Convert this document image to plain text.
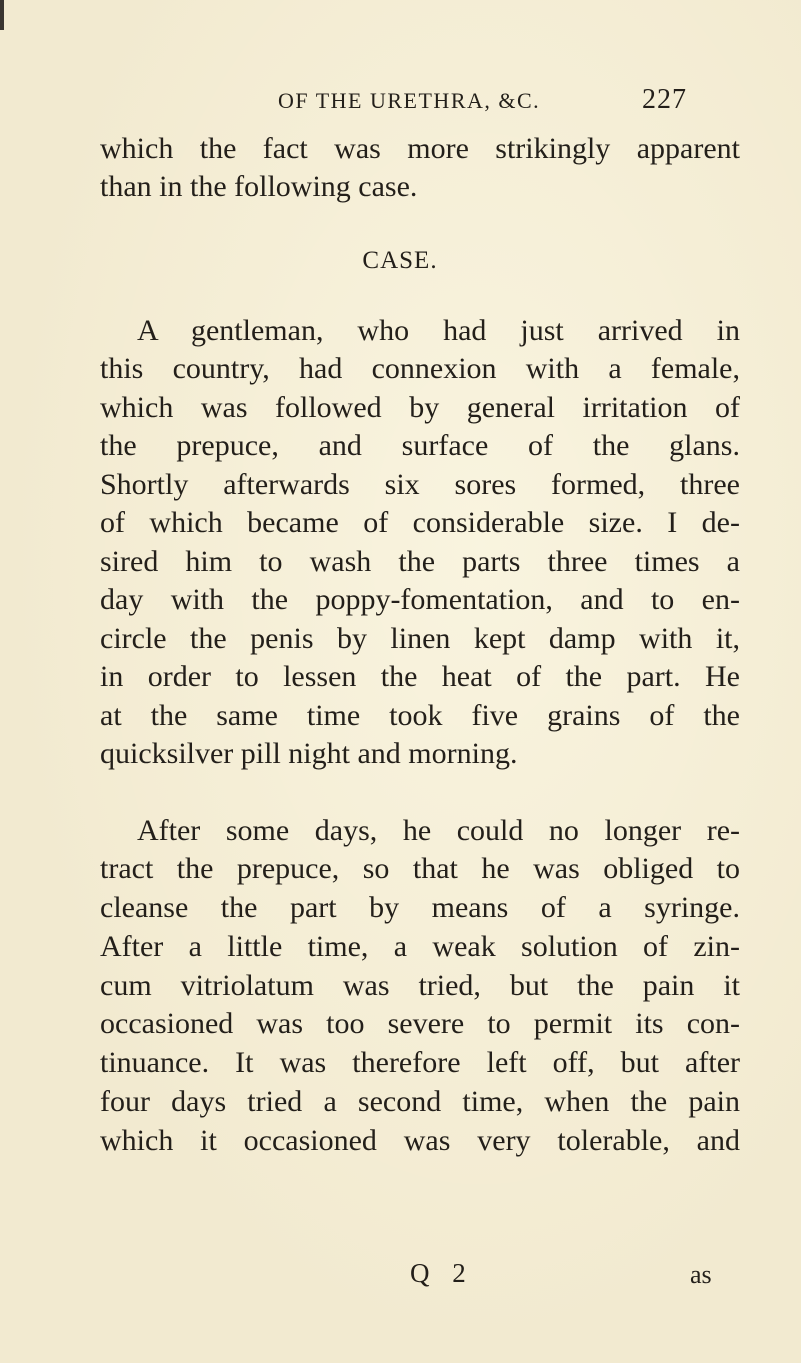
OF THE URETHRA, &C.	227
which the fact was more strikingly apparent
than in the following case.
CASE.
A gentleman, who had just arrived in
this country, had connexion with a female,
which was followed by general irritation of
the prepuce, and surface of the glans.
Shortly afterwards six sores formed, three
of which became of considerable size. I de-
sired him to wash the parts three times a
day with the poppy-fomentation, and to en-
circle the penis by linen kept damp with it,
in order to lessen the heat of the part. He
at the same time took five grains of the
quicksilver pill night and morning.
After some days, he could no longer re-
tract the prepuce, so that he was obliged to
cleanse the part by means of a syringe.
After a little time, a weak solution of zin-
cum vitriolatum was tried, but the pain it
occasioned was too severe to permit its con-
tinuance. It was therefore left off, but after
four days tried a second time, when the pain
which it occasioned was very tolerable, and
Q 2	as
